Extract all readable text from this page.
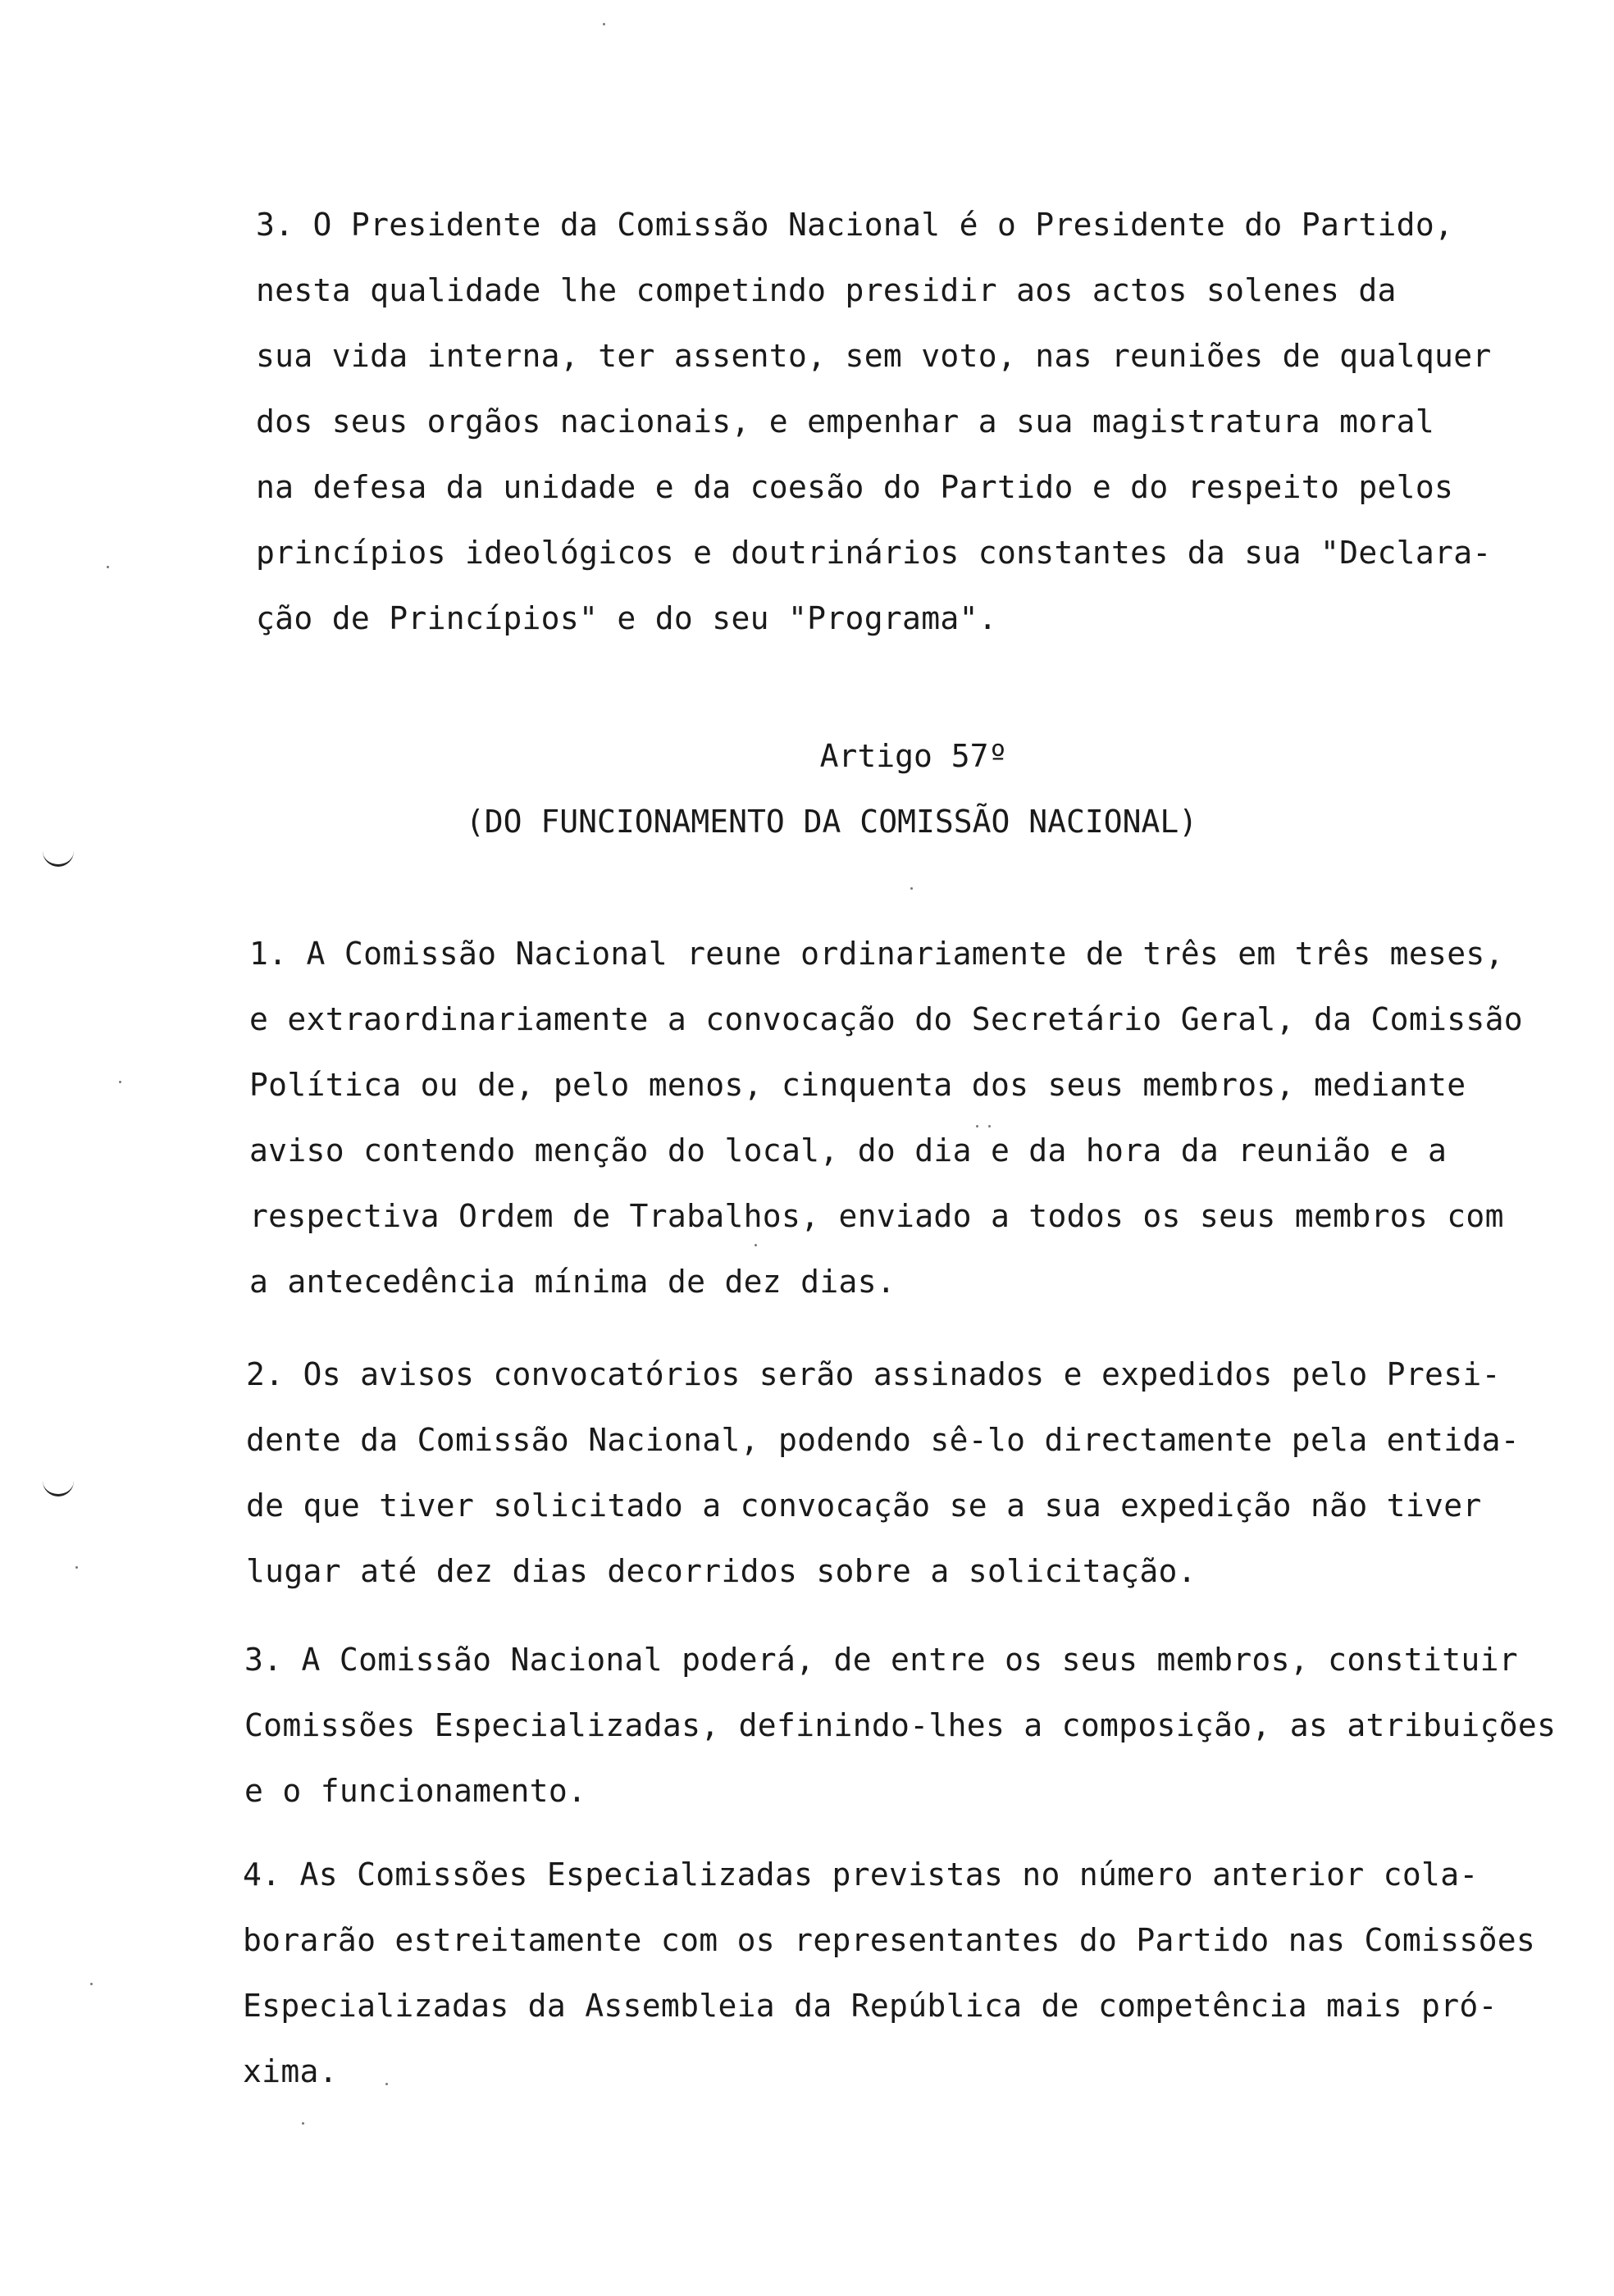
3. O Presidente da Comissão Nacional é o Presidente do Partido,
nesta qualidade lhe competindo presidir aos actos solenes da
sua vida interna, ter assento, sem voto, nas reuniões de qualquer
dos seus orgãos nacionais, e empenhar a sua magistratura moral
na defesa da unidade e da coesão do Partido e do respeito pelos
princípios ideológicos e doutrinários constantes da sua "Declara-
ção de Princípios" e do seu "Programa".
Artigo 57º
(DO FUNCIONAMENTO DA COMISSÃO NACIONAL)
1. A Comissão Nacional reune ordinariamente de três em três meses,
e extraordinariamente a convocação do Secretário Geral, da Comissão
Política ou de, pelo menos, cinquenta dos seus membros, mediante
aviso contendo menção do local, do dia e da hora da reunião e a
respectiva Ordem de Trabalhos, enviado a todos os seus membros com
a antecedência mínima de dez dias.
2. Os avisos convocatórios serão assinados e expedidos pelo Presi-
dente da Comissão Nacional, podendo sê-lo directamente pela entida-
de que tiver solicitado a convocação se a sua expedição não tiver
lugar até dez dias decorridos sobre a solicitação.
3. A Comissão Nacional poderá, de entre os seus membros, constituir
Comissões Especializadas, definindo-lhes a composição, as atribuições
e o funcionamento.
4. As Comissões Especializadas previstas no número anterior cola-
borarão estreitamente com os representantes do Partido nas Comissões
Especializadas da Assembleia da República de competência mais pró-
xima.
